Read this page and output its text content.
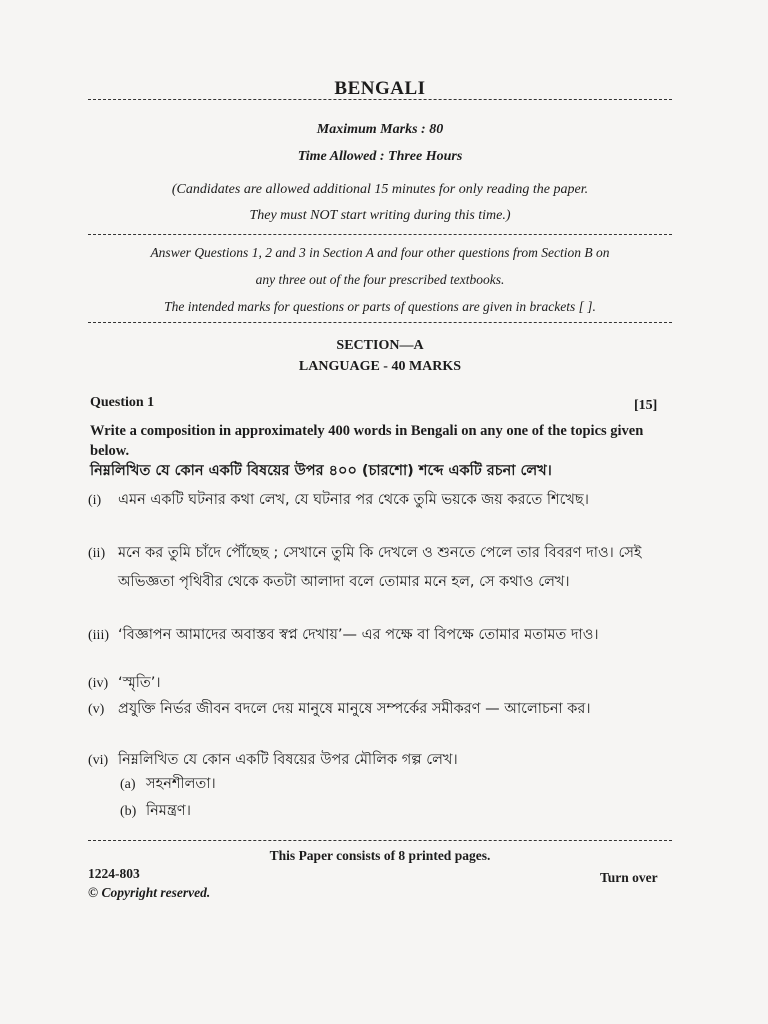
BENGALI
Maximum Marks : 80
Time Allowed : Three Hours
(Candidates are allowed additional 15 minutes for only reading the paper.
They must NOT start writing during this time.)
Answer Questions 1, 2 and 3 in Section A and four other questions from Section B on
any three out of the four prescribed textbooks.
The intended marks for questions or parts of questions are given in brackets [ ].
SECTION—A
LANGUAGE - 40 MARKS
Question 1	[15]
Write a composition in approximately 400 words in Bengali on any one of the topics given below.
নিম্নলিখিত যে কোন একটি বিষয়ের উপর ৪০০ (চারশো) শব্দে একটি রচনা লেখ।
(i)	এমন একটি ঘটনার কথা লেখ, যে ঘটনার পর থেকে তুমি ভয়কে জয় করতে শিখেছ।
(ii) মনে কর তুমি চাঁদে পৌঁছেছ ; সেখানে তুমি কি দেখলে ও শুনতে পেলে তার বিবরণ দাও। সেই অভিজ্ঞতা পৃথিবীর থেকে কতটা আলাদা বলে তোমার মনে হল, সে কথাও লেখ।
(iii) ‘বিজ্ঞাপন আমাদের অবাস্তব স্বপ্ন দেখায়’— এর পক্ষে বা বিপক্ষে তোমার মতামত দাও।
(iv) ‘স্মৃতি’।
(v) প্রযুক্তি নির্ভর জীবন বদলে দেয় মানুষে মানুষে সম্পর্কের সমীকরণ — আলোচনা কর।
(vi) নিম্নলিখিত যে কোন একটি বিষয়ের উপর মৌলিক গল্প লেখ।
(a) সহনশীলতা।
(b) নিমন্ত্রণ।
This Paper consists of 8 printed pages.
1224-803	Turn over
© Copyright reserved.
